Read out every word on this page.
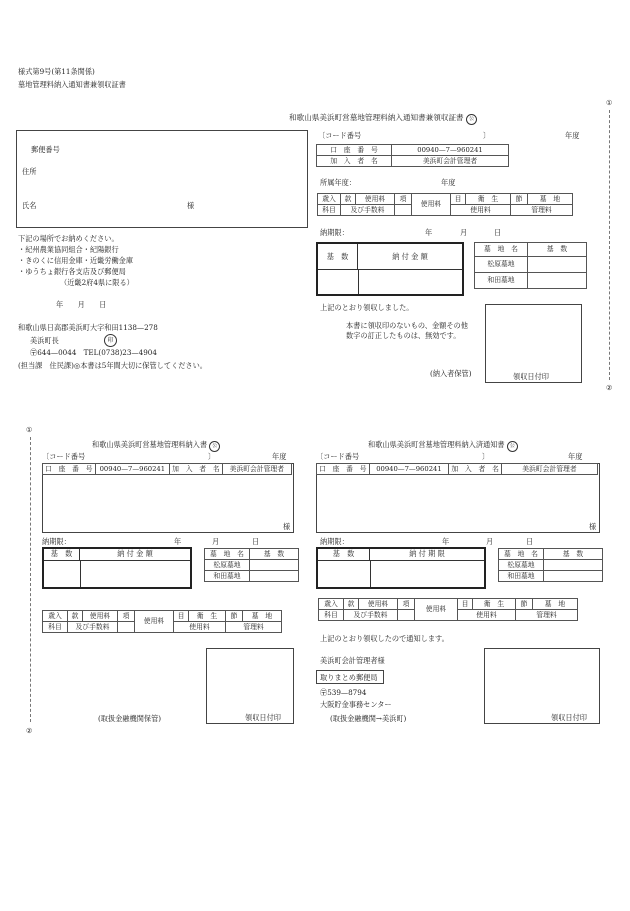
様式第9号(第11条関係)
墓地管理料納入通知書兼領収証書
①
②
和歌山県美浜町営墓地管理料納入通知書兼領収証書 公
郵便番号
住所
氏名	様
〔コード番号	〕	年度
口　座　番　号	00940—7—960241
加　入　者　名	美浜町会計管理者
所属年度：	年度
歳入	款	使用料	項	使用料	目	衛　生	節	墓　地
科目	及び手数料				使用料		管理料	
納期限：	年	月	日
基　数	納 付 金 額
墓　地　名	基　数
松原墓地	
和田墓地	
下記の場所でお納めください。
・紀州農業協同組合・紀陽銀行
・きのくに信用金庫・近畿労働金庫
・ゆうちょ銀行各支店及び郵便局
（近畿2府4県に限る）
年　　月　　日
和歌山県日高郡美浜町大字和田1138—278
美浜町長	印
〶644—0044　TEL(0738)23—4904
(担当課　住民課)◎本書は5年間大切に保管してください。
上記のとおり領収しました。
本書に領収印のないもの、金額その他数字の訂正したものは、無効です。
(納入者保管)	領収日付印
①
②
和歌山県美浜町営墓地管理料納入書 公
〔コード番号	〕	年度
口　座　番　号	00940—7—960241	加　入　者　名	美浜町会計管理者
様
納期限：	年	月	日
基　数	納 付 金 額	墓　地　名	基　数
松原墓地	
和田墓地	
歳入	款	使用料	項	使用料	目	衛　生	節	墓　地
科目	及び手数料				使用料		管理料	
領収日付印
(取扱金融機関保管)
和歌山県美浜町営墓地管理料納入済通知書 公
〔コード番号	〕	年度
口　座　番　号	00940—7—960241	加　入　者　名	美浜町会計管理者
様
納期限：	年	月	日
基　数	納 付 期 限	墓　地　名	基　数
松原墓地	
和田墓地	
歳入	款	使用料	項	使用料	目	衛　生	節	墓　地
科目	及び手数料				使用料		管理料	
上記のとおり領収したので通知します。
美浜町会計管理者様
取りまとめ郵便局
〶539—8794
大阪貯金事務センター
(取扱金融機関→美浜町)	領収日付印
